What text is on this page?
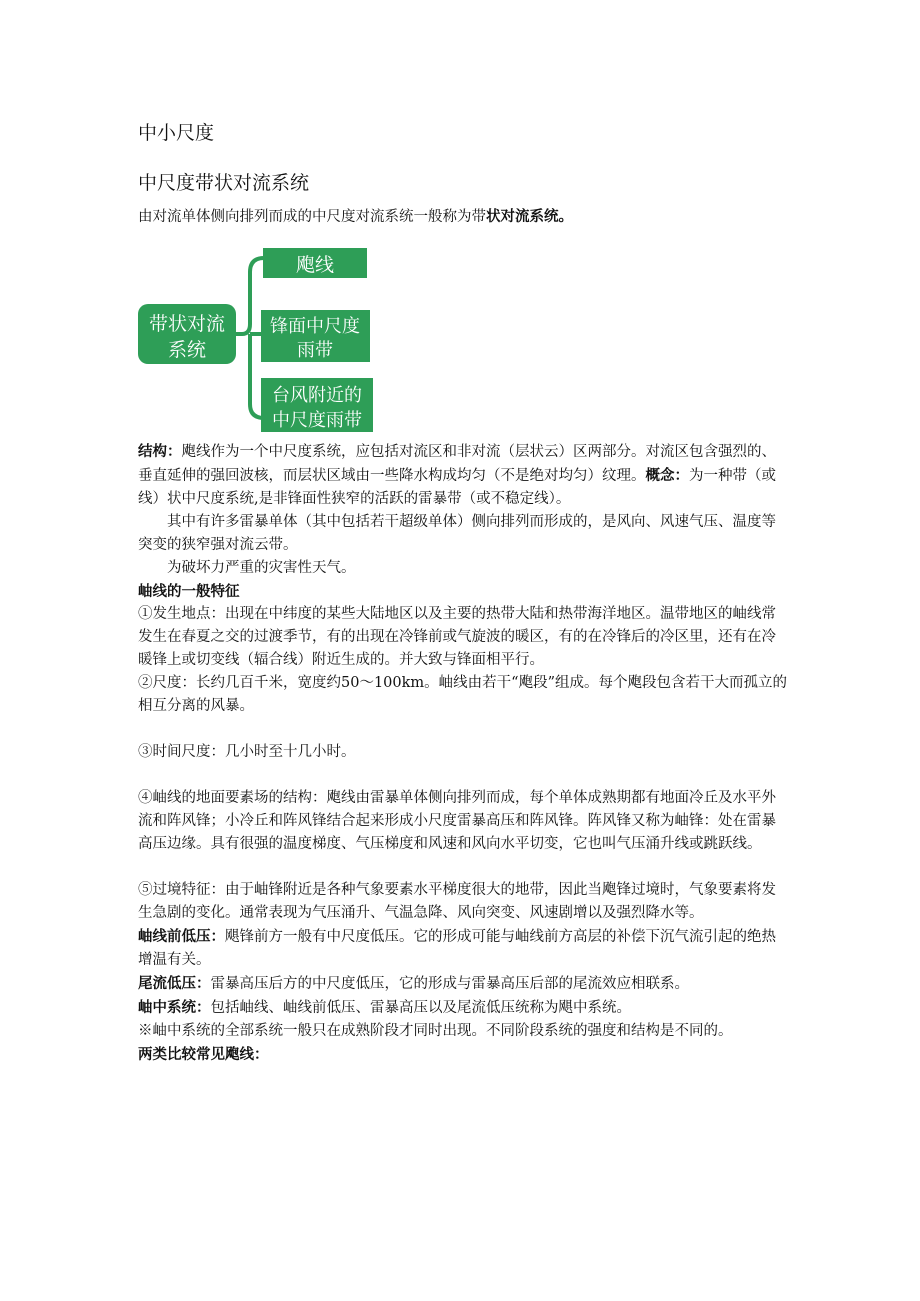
中小尺度
中尺度带状对流系统
由对流单体侧向排列而成的中尺度对流系统一般称为带状对流系统。
带状对流
系统
飑线
锋面中尺度
雨带
台风附近的
中尺度雨带

结构：飑线作为一个中尺度系统，应包括对流区和非对流（层状云）区两部分。对流区包含强烈的、垂直延伸的强回波核，而层状区域由一些降水构成均匀（不是绝对均匀）纹理。概念：为一种带（或线）状中尺度系统,是非锋面性狭窄的活跃的雷暴带（或不稳定线）。

其中有许多雷暴单体（其中包括若干超级单体）侧向排列而形成的，是风向、风速气压、温度等突变的狭窄强对流云带。

为破坏力严重的灾害性天气。

岫线的一般特征

①发生地点：出现在中纬度的某些大陆地区以及主要的热带大陆和热带海洋地区。温带地区的岫线常发生在春夏之交的过渡季节，有的出现在冷锋前或气旋波的暖区，有的在冷锋后的冷区里，还有在冷暖锋上或切变线（辐合线）附近生成的。并大致与锋面相平行。

②尺度：长约几百千米，宽度约50～100km。岫线由若干“飑段”组成。每个飑段包含若干大而孤立的相互分离的风暴。

③时间尺度：几小时至十几小时。

④岫线的地面要素场的结构：飑线由雷暴单体侧向排列而成，每个单体成熟期都有地面冷丘及水平外流和阵风锋；小冷丘和阵风锋结合起来形成小尺度雷暴高压和阵风锋。阵风锋又称为岫锋：处在雷暴高压边缘。具有很强的温度梯度、气压梯度和风速和风向水平切变，它也叫气压涌升线或跳跃线。

⑤过境特征：由于岫锋附近是各种气象要素水平梯度很大的地带，因此当飑锋过境时，气象要素将发生急剧的变化。通常表现为气压涌升、气温急降、风向突变、风速剧增以及强烈降水等。

岫线前低压：飓锋前方一般有中尺度低压。它的形成可能与岫线前方高层的补偿下沉气流引起的绝热增温有关。

尾流低压：雷暴高压后方的中尺度低压，它的形成与雷暴高压后部的尾流效应相联系。

岫中系统：包括岫线、岫线前低压、雷暴高压以及尾流低压统称为飓中系统。

※岫中系统的全部系统一般只在成熟阶段才同时出现。不同阶段系统的强度和结构是不同的。

两类比较常见飑线：
